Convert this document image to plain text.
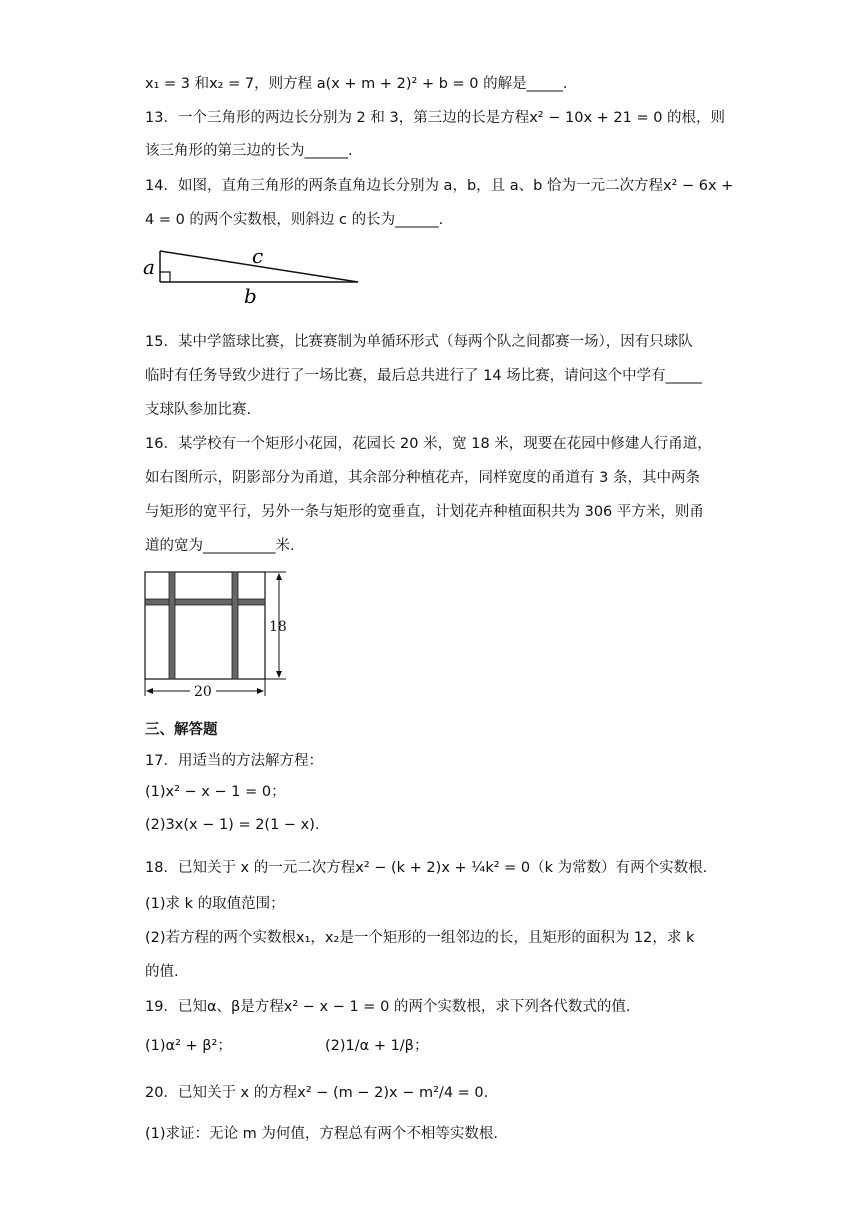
x₁ = 3 和x₂ = 7，则方程 a(x + m + 2)² + b = 0 的解是_____.
13．一个三角形的两边长分别为 2 和 3，第三边的长是方程x² − 10x + 21 = 0 的根，则
该三角形的第三边的长为______.
14．如图，直角三角形的两条直角边长分别为 a，b，且 a、b 恰为一元二次方程x² − 6x +
4 = 0 的两个实数根，则斜边 c 的长为______.
a	c
b
15．某中学篮球比赛，比赛赛制为单循环形式（每两个队之间都赛一场），因有只球队
临时有任务导致少进行了一场比赛，最后总共进行了 14 场比赛，请问这个中学有_____
支球队参加比赛.
16．某学校有一个矩形小花园，花园长 20 米，宽 18 米，现要在花园中修建人行甬道，
如右图所示，阴影部分为甬道，其余部分种植花卉，同样宽度的甬道有 3 条，其中两条
与矩形的宽平行，另外一条与矩形的宽垂直，计划花卉种植面积共为 306 平方米，则甬
道的宽为__________米.
18
20
三、解答题
17．用适当的方法解方程：
(1)x² − x − 1 = 0；
(2)3x(x − 1) = 2(1 − x).
18．已知关于 x 的一元二次方程x² − (k + 2)x + ¼k² = 0（k 为常数）有两个实数根.
(1)求 k 的取值范围；
(2)若方程的两个实数根x₁，x₂是一个矩形的一组邻边的长，且矩形的面积为 12，求 k
的值.
19．已知α、β是方程x² − x − 1 = 0 的两个实数根，求下列各代数式的值.
(1)α² + β²；	(2)1/α + 1/β；
20．已知关于 x 的方程x² − (m − 2)x − m²/4 = 0.
(1)求证：无论 m 为何值，方程总有两个不相等实数根.
